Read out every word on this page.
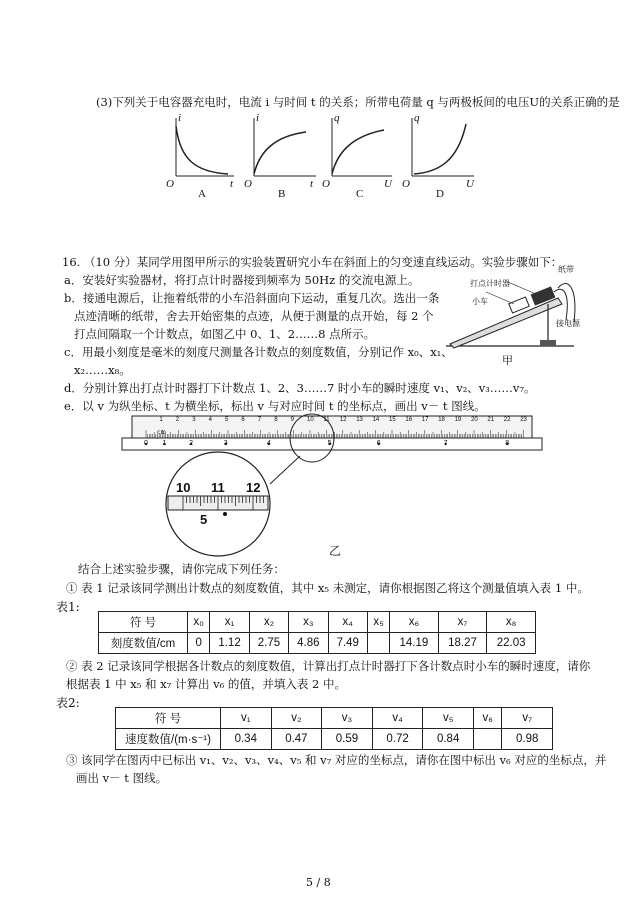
(3)下列关于电容器充电时，电流 i 与时间 t 的关系；所带电荷量 q 与两极板间的电压U的关系正确的是
i
O	t
A
i
O	t
B
q
O	U
C
q
O	U
D
16. （10 分）某同学用图甲所示的实验装置研究小车在斜面上的匀变速直线运动。实验步骤如下：
a．安装好实验器材，将打点计时器接到频率为 50Hz 的交流电源上。
b．接通电源后，让拖着纸带的小车沿斜面向下运动，重复几次。选出一条
点迹清晰的纸带，舍去开始密集的点迹，从便于测量的点开始，每 2 个
打点间隔取一个计数点，如图乙中 0、1、2……8 点所示。
c．用最小刻度是毫米的刻度尺测量各计数点的刻度数值，分别记作 x₀、x₁、
x₂……x₈。
d．分别计算出打点计时器打下计数点 1、2、3……7 时小车的瞬时速度 v₁、v₂、v₃……v₇。
e．以 v 为纵坐标、t 为横坐标，标出 v 与对应时间 t 的坐标点，画出 v－ t 图线。
纸带
打点计时器
小车
接电源
甲
1 2 3 4 5 6 7 8 9 10 11 12 13 14 15 16 17 18 19 20 21 22 23
0 1	2	3	4	5	6	7	8
cm
10 11 12
5
乙
结合上述实验步骤，请你完成下列任务：
① 表 1 记录该同学测出计数点的刻度数值，其中 x₅ 未测定，请你根据图乙将这个测量值填入表 1 中。
表1:
符 号	x₀	x₁	x₂	x₃	x₄	x₅	x₆	x₇	x₈
刻度数值/cm	0	1.12	2.75	4.86	7.49		14.19	18.27	22.03
② 表 2 记录该同学根据各计数点的刻度数值，计算出打点计时器打下各计数点时小车的瞬时速度，请你
根据表 1 中 x₅ 和 x₇ 计算出 v₆ 的值，并填入表 2 中。
表2:
符 号	v₁	v₂	v₃	v₄	v₅	v₆	v₇
速度数值/(m·s⁻¹)	0.34	0.47	0.59	0.72	0.84		0.98
③ 该同学在图丙中已标出 v₁、v₂、v₃、v₄、v₅ 和 v₇ 对应的坐标点，请你在图中标出 v₆ 对应的坐标点，并
画出 v－ t 图线。
5 / 8
